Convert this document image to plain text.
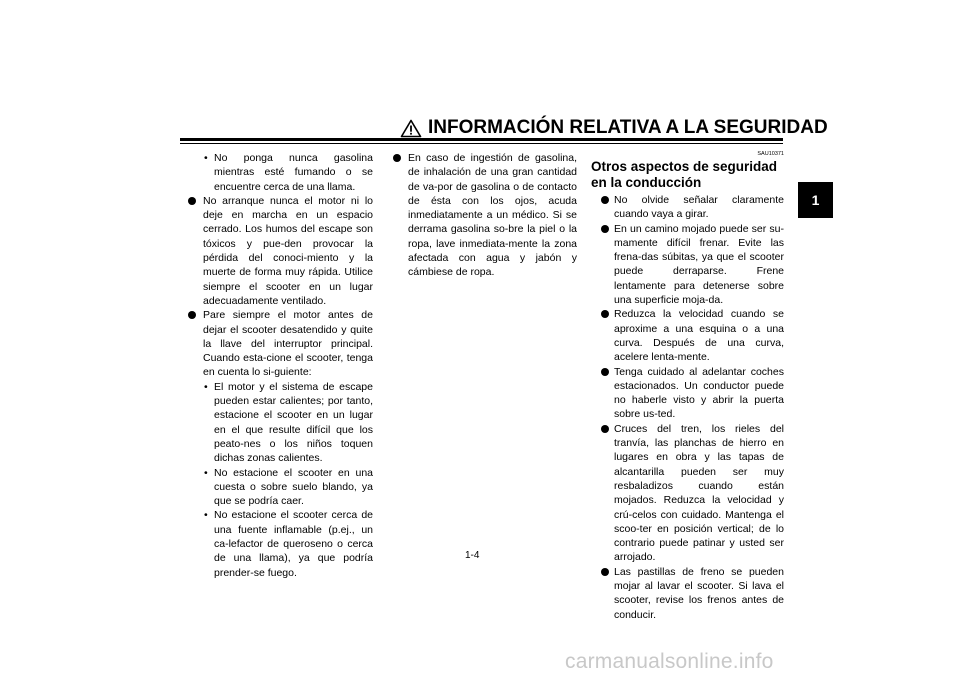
INFORMACIÓN RELATIVA A LA SEGURIDAD
1
• No ponga nunca gasolina mientras esté fumando o se encuentre cerca de una llama.
No arranque nunca el motor ni lo deje en marcha en un espacio cerrado. Los humos del escape son tóxicos y pue-den provocar la pérdida del conoci-miento y la muerte de forma muy rápida. Utilice siempre el scooter en un lugar adecuadamente ventilado.
Pare siempre el motor antes de dejar el scooter desatendido y quite la llave del interruptor principal. Cuando esta-cione el scooter, tenga en cuenta lo si-guiente:
• El motor y el sistema de escape pueden estar calientes; por tanto, estacione el scooter en un lugar en el que resulte difícil que los peato-nes o los niños toquen dichas zonas calientes.
• No estacione el scooter en una cuesta o sobre suelo blando, ya que se podría caer.
• No estacione el scooter cerca de una fuente inflamable (p.ej., un ca-lefactor de queroseno o cerca de una llama), ya que podría prender-se fuego.
En caso de ingestión de gasolina, de inhalación de una gran cantidad de va-por de gasolina o de contacto de ésta con los ojos, acuda inmediatamente a un médico. Si se derrama gasolina so-bre la piel o la ropa, lave inmediata-mente la zona afectada con agua y jabón y cámbiese de ropa.
SAU10371
Otros aspectos de seguridad en la conducción
No olvide señalar claramente cuando vaya a girar.
En un camino mojado puede ser su-mamente difícil frenar. Evite las frena-das súbitas, ya que el scooter puede derraparse. Frene lentamente para detenerse sobre una superficie moja-da.
Reduzca la velocidad cuando se aproxime a una esquina o a una curva. Después de una curva, acelere lenta-mente.
Tenga cuidado al adelantar coches estacionados. Un conductor puede no haberle visto y abrir la puerta sobre us-ted.
Cruces del tren, los rieles del tranvía, las planchas de hierro en lugares en obra y las tapas de alcantarilla pueden ser muy resbaladizos cuando están mojados. Reduzca la velocidad y crú-celos con cuidado. Mantenga el scoo-ter en posición vertical; de lo contrario puede patinar y usted ser arrojado.
Las pastillas de freno se pueden mojar al lavar el scooter. Si lava el scooter, revise los frenos antes de conducir.
1-4
carmanualsonline.info
